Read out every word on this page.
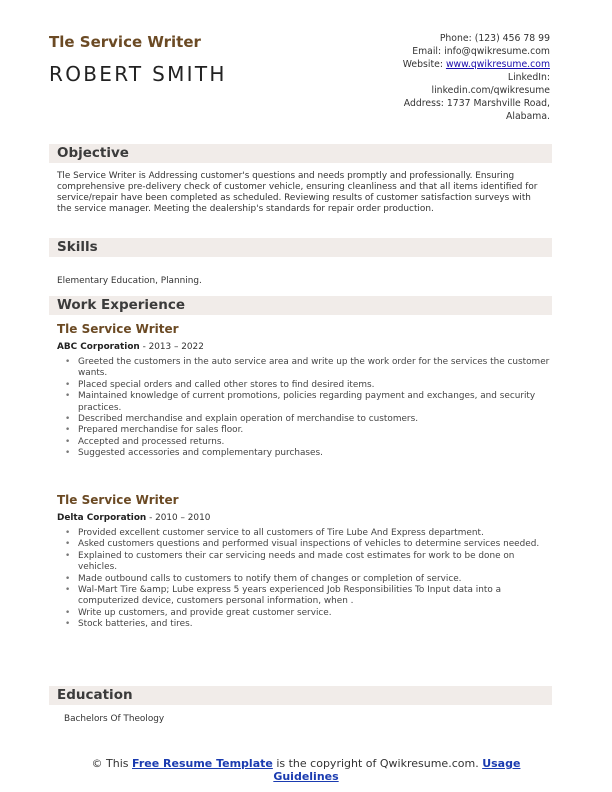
Tle Service Writer
ROBERT SMITH
Phone: (123) 456 78 99
Email: info@qwikresume.com
Website: www.qwikresume.com
LinkedIn:
linkedin.com/qwikresume
Address: 1737 Marshville Road,
Alabama.
Objective
Tle Service Writer is Addressing customer's questions and needs promptly and professionally. Ensuring comprehensive pre-delivery check of customer vehicle, ensuring cleanliness and that all items identified for service/repair have been completed as scheduled. Reviewing results of customer satisfaction surveys with the service manager. Meeting the dealership's standards for repair order production.
Skills
Elementary Education, Planning.
Work Experience
Tle Service Writer
ABC Corporation - 2013 – 2022
• Greeted the customers in the auto service area and write up the work order for the services the customer wants.
• Placed special orders and called other stores to find desired items.
• Maintained knowledge of current promotions, policies regarding payment and exchanges, and security practices.
• Described merchandise and explain operation of merchandise to customers.
• Prepared merchandise for sales floor.
• Accepted and processed returns.
• Suggested accessories and complementary purchases.
Tle Service Writer
Delta Corporation - 2010 – 2010
• Provided excellent customer service to all customers of Tire Lube And Express department.
• Asked customers questions and performed visual inspections of vehicles to determine services needed.
• Explained to customers their car servicing needs and made cost estimates for work to be done on vehicles.
• Made outbound calls to customers to notify them of changes or completion of service.
• Wal-Mart Tire &amp; Lube express 5 years experienced Job Responsibilities To Input data into a computerized device, customers personal information, when .
• Write up customers, and provide great customer service.
• Stock batteries, and tires.
Education
Bachelors Of Theology
© This Free Resume Template is the copyright of Qwikresume.com. Usage
Guidelines
